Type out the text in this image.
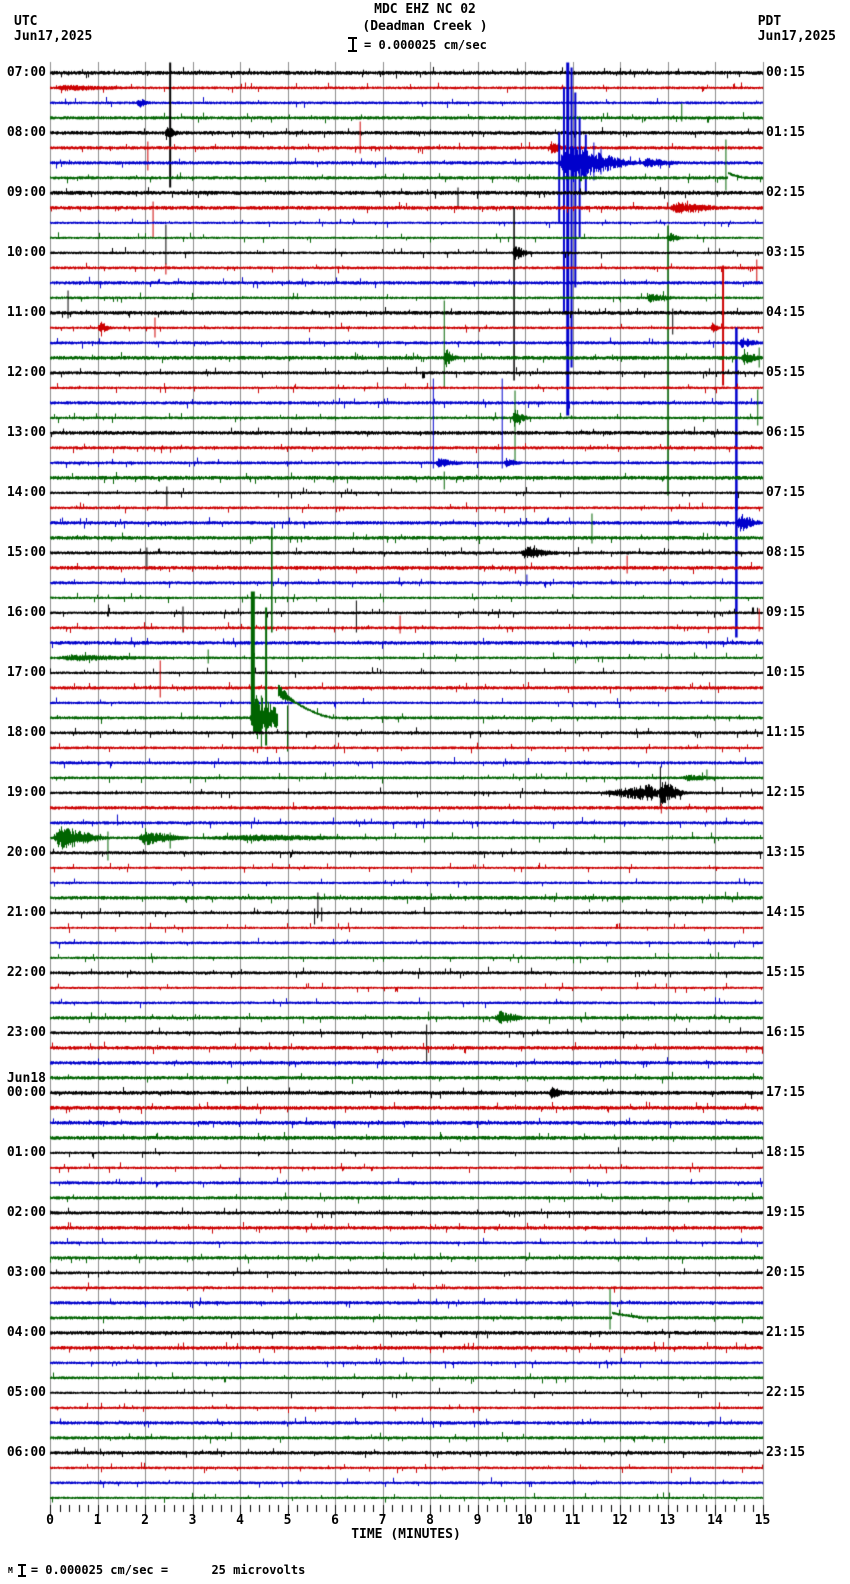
UTC
Jun17,2025
PDT
Jun17,2025
MDC EHZ NC 02
(Deadman Creek )
= 0.000025 cm/sec
07:00
08:00
09:00
10:00
11:00
12:00
13:00
14:00
15:00
16:00
17:00
18:00
19:00
20:00
21:00
22:00
23:00
00:00
Jun18
01:00
02:00
03:00
04:00
05:00
06:00
00:15
01:15
02:15
03:15
04:15
05:15
06:15
07:15
08:15
09:15
10:15
11:15
12:15
13:15
14:15
15:15
16:15
17:15
18:15
19:15
20:15
21:15
22:15
23:15
0	1	2	3	4	5	6	7	8	9	10 11 12 13 14 15
TIME (MINUTES)
M = 0.000025 cm/sec =      25 microvolts
